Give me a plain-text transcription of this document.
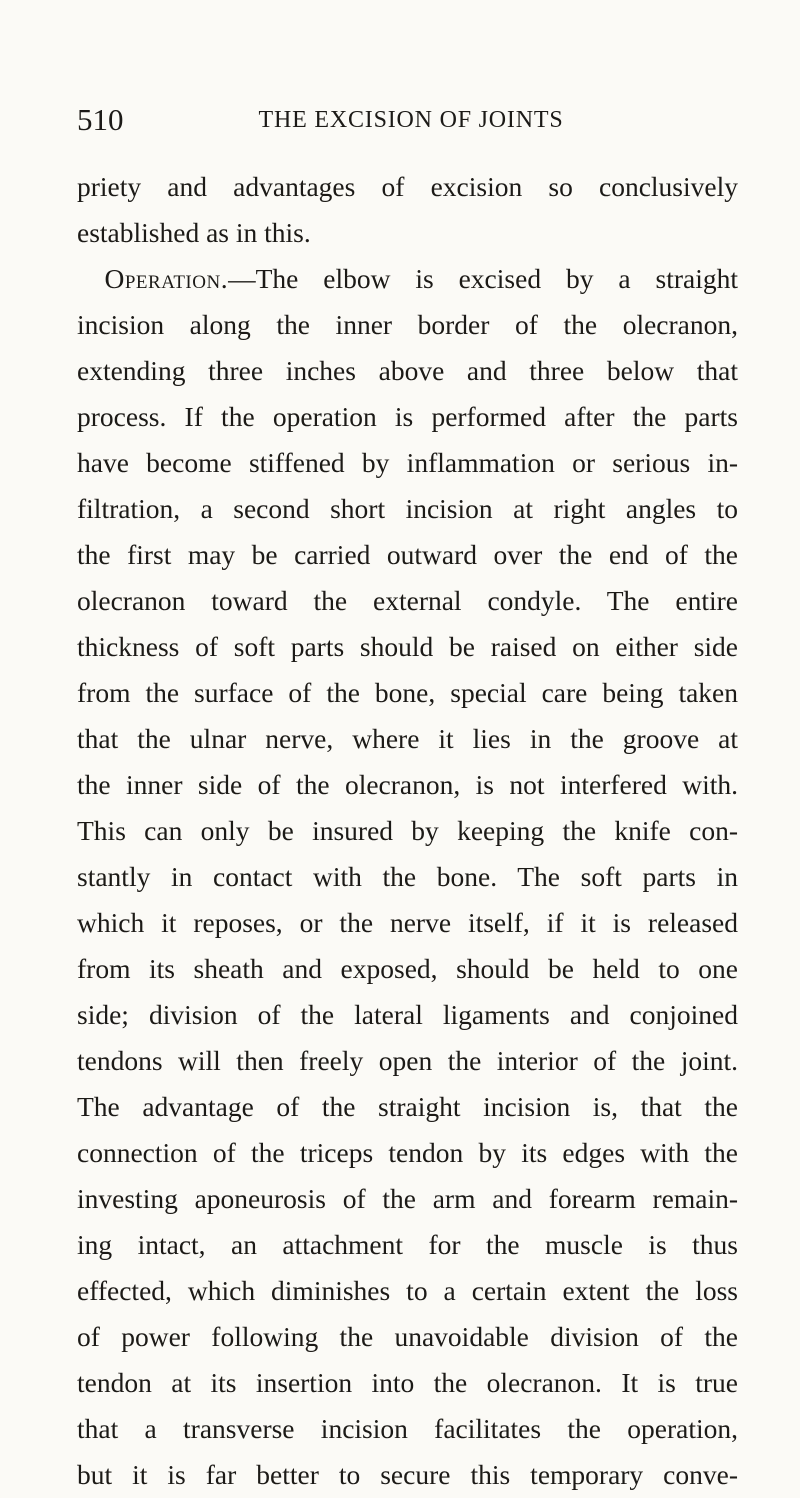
510	THE EXCISION OF JOINTS
priety and advantages of excision so conclusively
established as in this.
 Operation.—The elbow is excised by a straight
incision along the inner border of the olecranon,
extending three inches above and three below that
process. If the operation is performed after the parts
have become stiffened by inflammation or serious in-
filtration, a second short incision at right angles to
the first may be carried outward over the end of the
olecranon toward the external condyle. The entire
thickness of soft parts should be raised on either side
from the surface of the bone, special care being taken
that the ulnar nerve, where it lies in the groove at
the inner side of the olecranon, is not interfered with.
This can only be insured by keeping the knife con-
stantly in contact with the bone. The soft parts in
which it reposes, or the nerve itself, if it is released
from its sheath and exposed, should be held to one
side; division of the lateral ligaments and conjoined
tendons will then freely open the interior of the joint.
The advantage of the straight incision is, that the
connection of the triceps tendon by its edges with the
investing aponeurosis of the arm and forearm remain-
ing intact, an attachment for the muscle is thus
effected, which diminishes to a certain extent the loss
of power following the unavoidable division of the
tendon at its insertion into the olecranon. It is true
that a transverse incision facilitates the operation,
but it is far better to secure this temporary conve-
